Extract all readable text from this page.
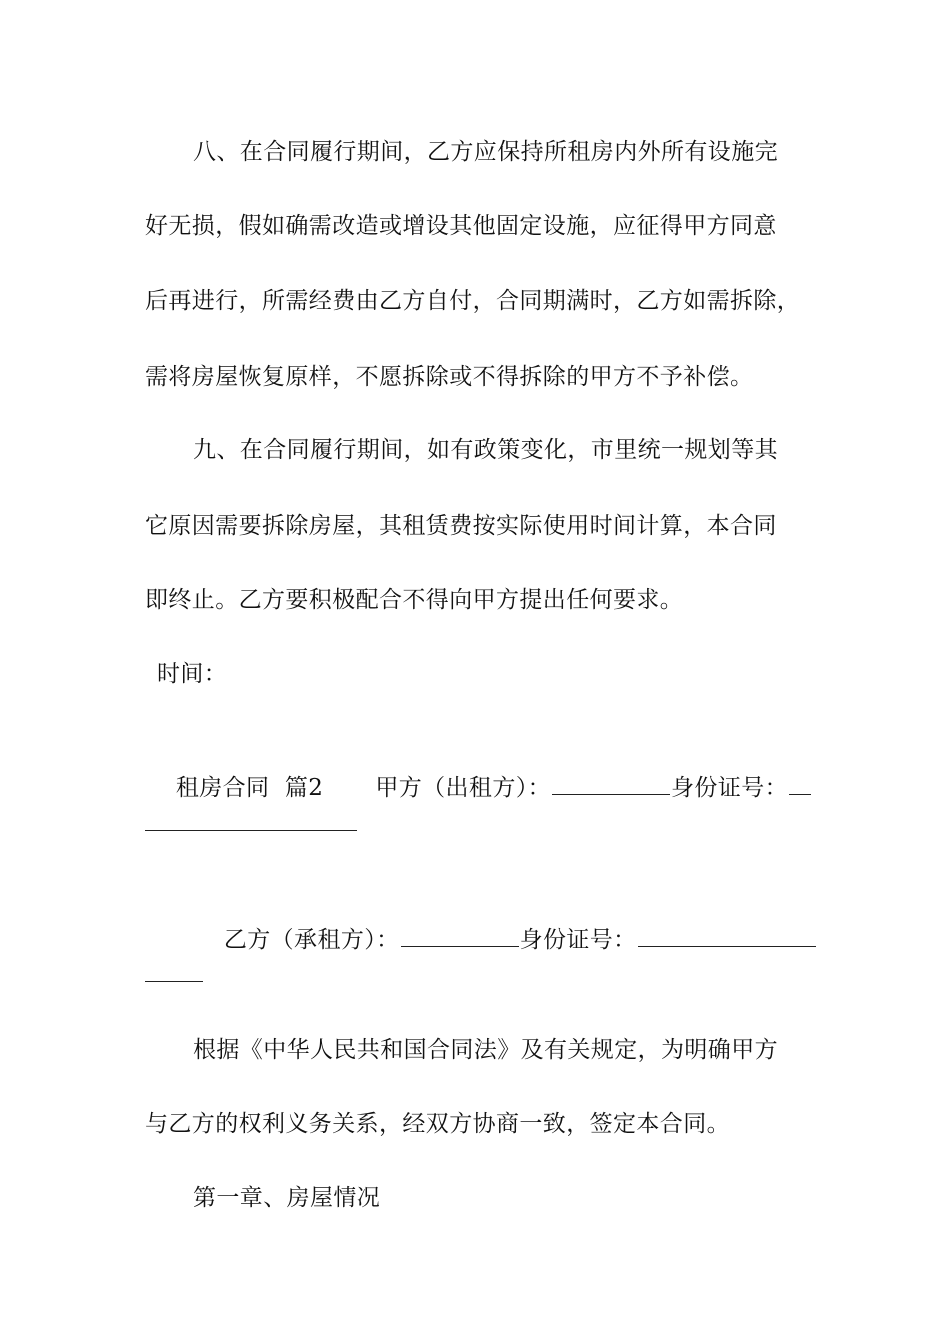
八、在合同履行期间，乙方应保持所租房内外所有设施完
好无损，假如确需改造或增设其他固定设施，应征得甲方同意
后再进行，所需经费由乙方自付，合同期满时，乙方如需拆除，
需将房屋恢复原样，不愿拆除或不得拆除的甲方不予补偿。
九、在合同履行期间，如有政策变化，市里统一规划等其
它原因需要拆除房屋，其租赁费按实际使用时间计算，本合同
即终止。乙方要积极配合不得向甲方提出任何要求。
时间：

租房合同  篇2 甲方（出租方）：	身份证号：

乙方（承租方）：	身份证号：

根据《中华人民共和国合同法》及有关规定，为明确甲方
与乙方的权利义务关系，经双方协商一致，签定本合同。
第一章、房屋情况
